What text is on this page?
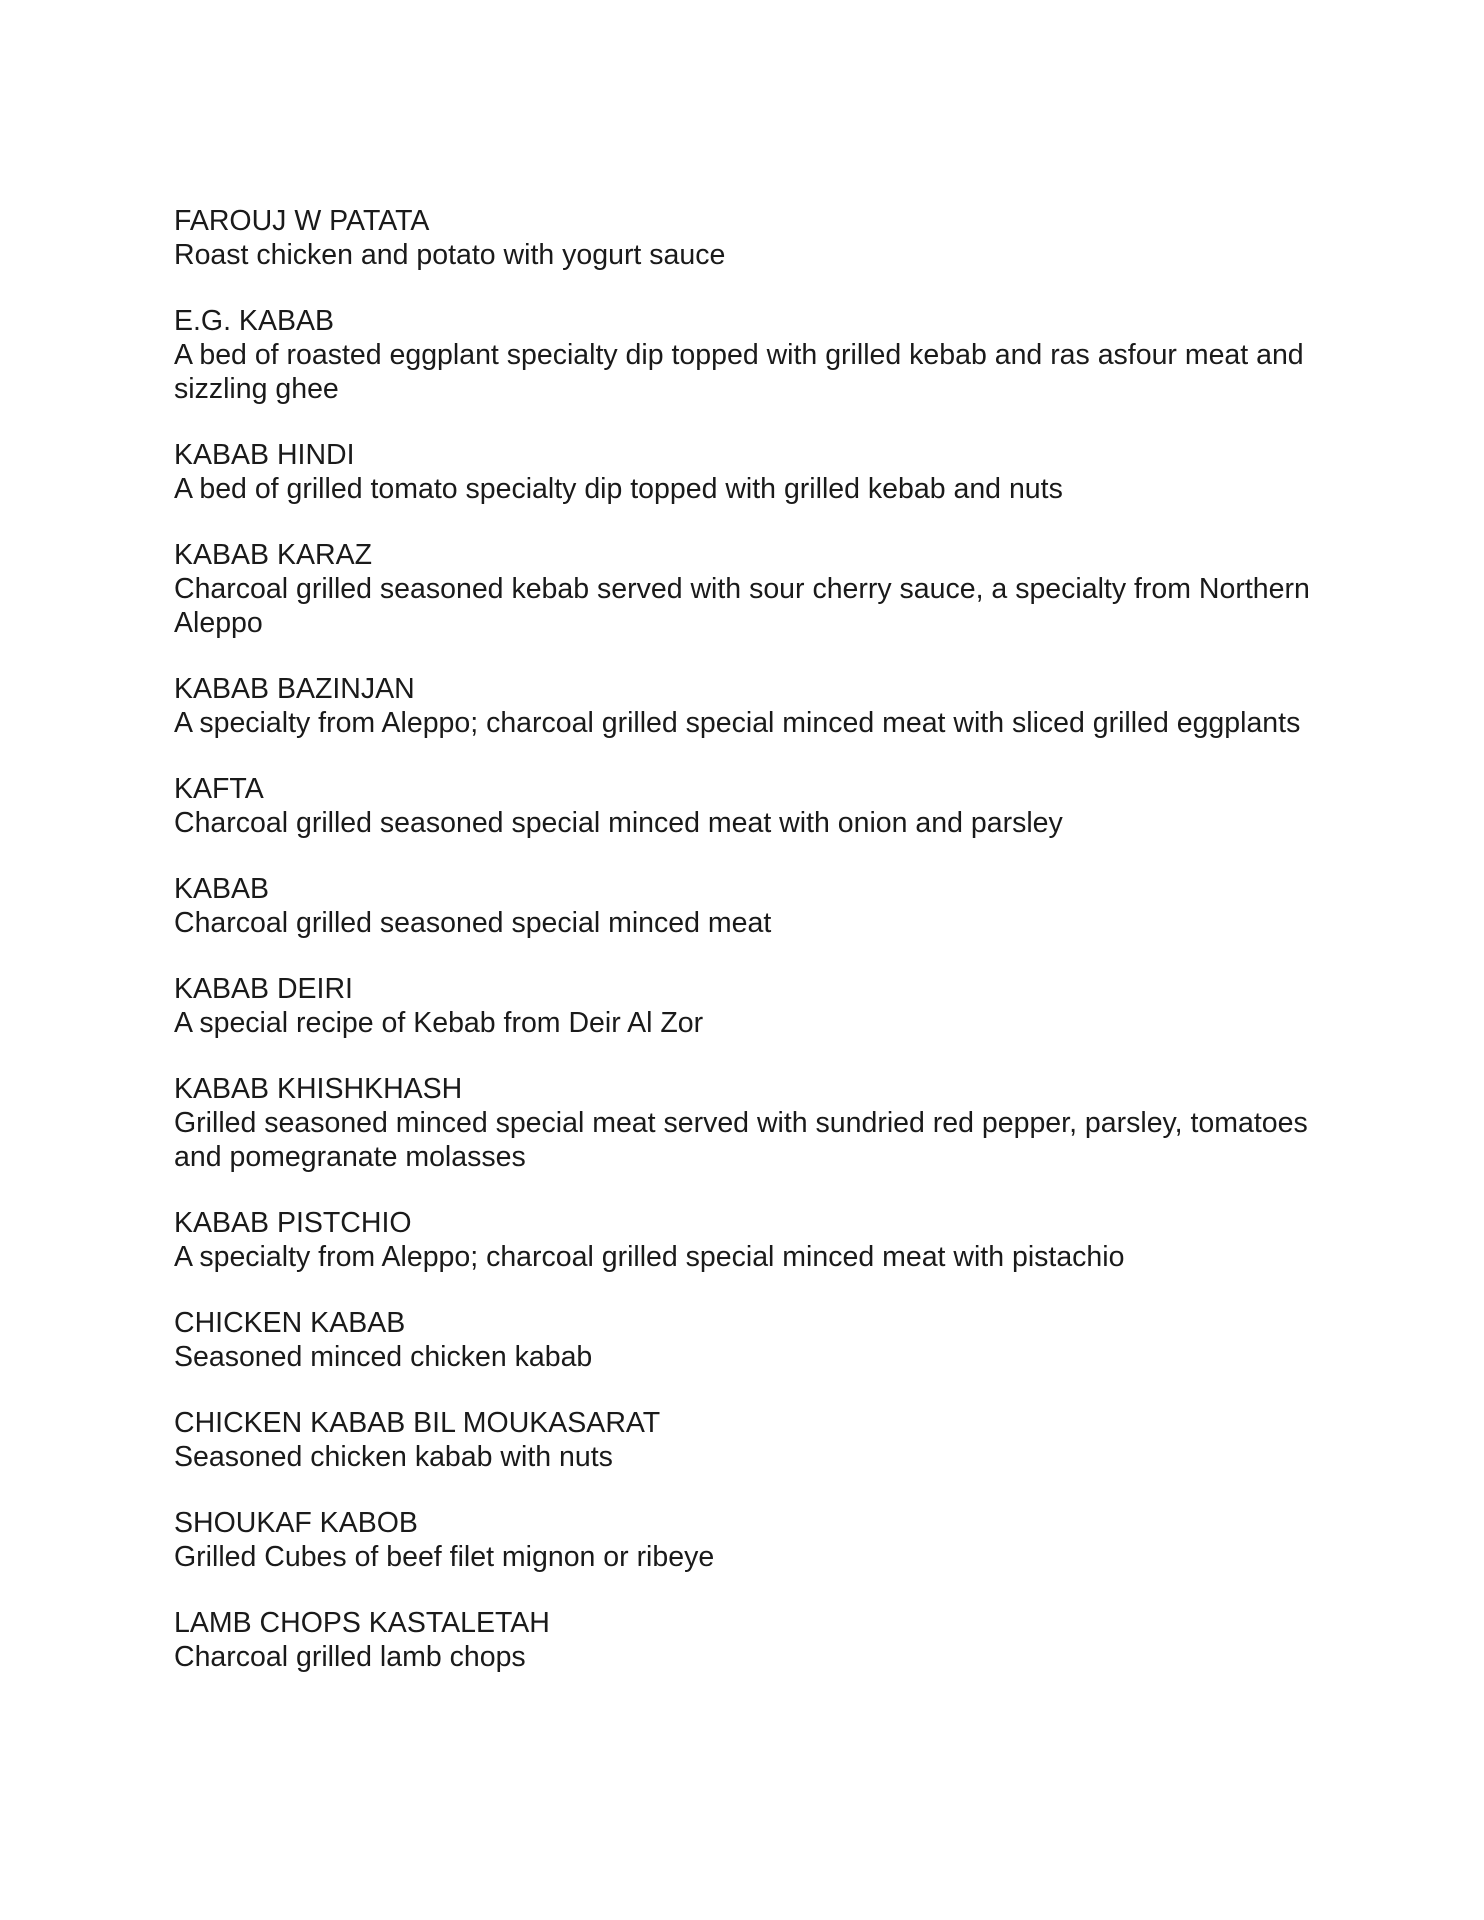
FAROUJ W PATATA
Roast chicken and potato with yogurt sauce
E.G. KABAB
A bed of roasted eggplant specialty dip topped with grilled kebab and ras asfour meat and sizzling ghee
KABAB HINDI
A bed of grilled tomato specialty dip topped with grilled kebab and nuts
KABAB KARAZ
Charcoal grilled seasoned kebab served with sour cherry sauce, a specialty from Northern Aleppo
KABAB BAZINJAN
A specialty from Aleppo; charcoal grilled special minced meat with sliced grilled eggplants
KAFTA
Charcoal grilled seasoned special minced meat with onion and parsley
KABAB
Charcoal grilled seasoned special minced meat
KABAB DEIRI
A special recipe of Kebab from Deir Al Zor
KABAB KHISHKHASH
Grilled seasoned minced special meat served with sundried red pepper, parsley, tomatoes and pomegranate molasses
KABAB PISTCHIO
A specialty from Aleppo; charcoal grilled special minced meat with pistachio
CHICKEN KABAB
Seasoned minced chicken kabab
CHICKEN KABAB BIL MOUKASARAT
Seasoned chicken kabab with nuts
SHOUKAF KABOB
Grilled Cubes of beef filet mignon or ribeye
LAMB CHOPS KASTALETAH
Charcoal grilled lamb chops
